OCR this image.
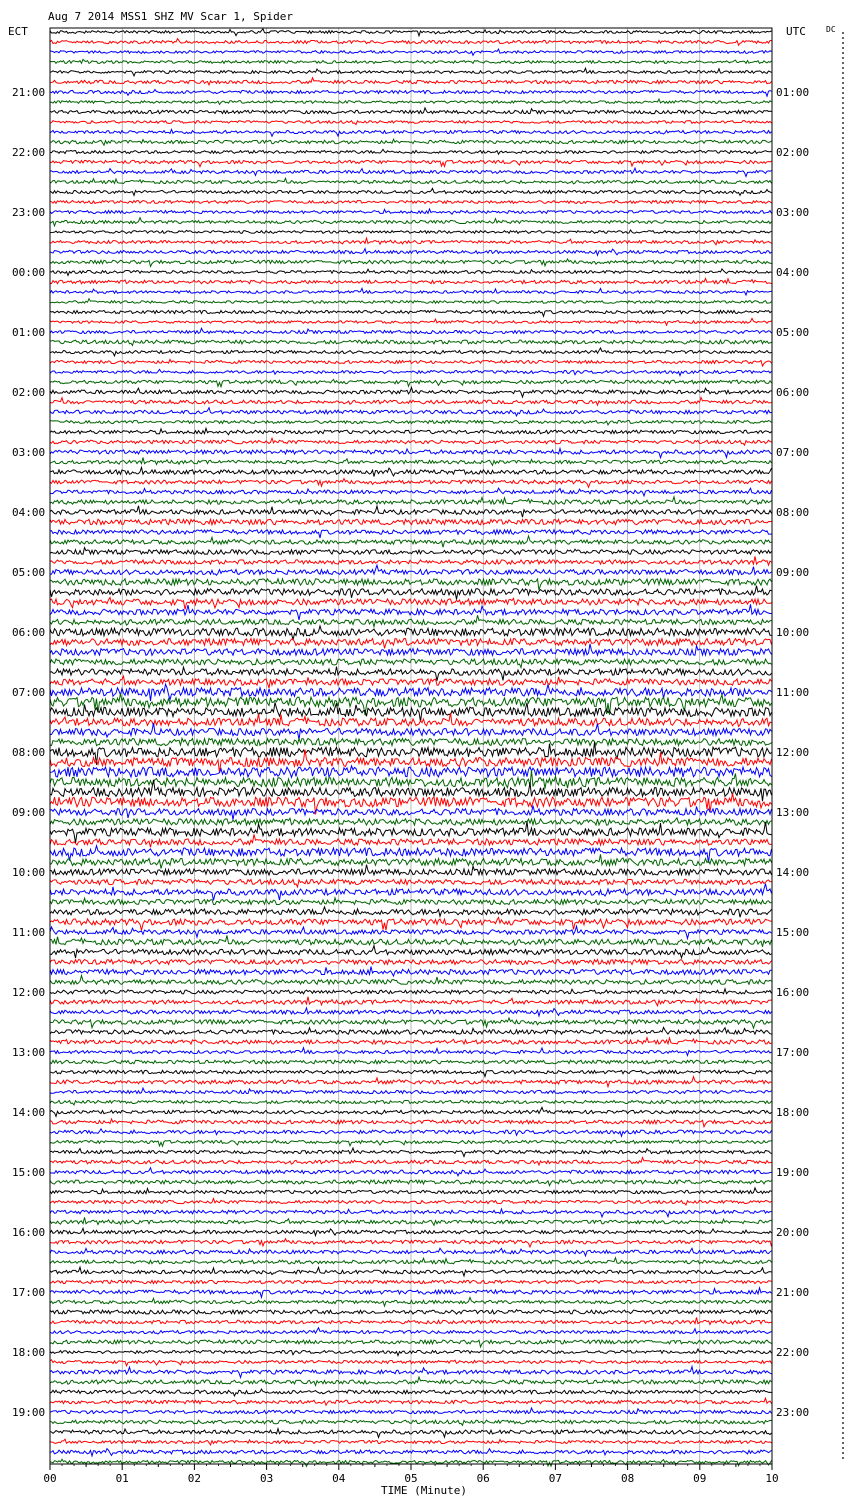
Aug 7 2014 MSS1 SHZ MV Scar 1, Spider
ECT	UTC	DC
21:00
22:00
23:00
00:00
01:00
02:00
03:00
04:00
05:00
06:00
07:00
08:00
09:00
10:00
11:00
12:00
13:00
14:00
15:00
16:00
17:00
18:00
19:00
01:00
02:00
03:00
04:00
05:00
06:00
07:00
08:00
09:00
10:00
11:00
12:00
13:00
14:00
15:00
16:00
17:00
18:00
19:00
20:00
21:00
22:00
23:00
00	01	02	03	04	05	06	07	08	09	10
TIME (Minute)
